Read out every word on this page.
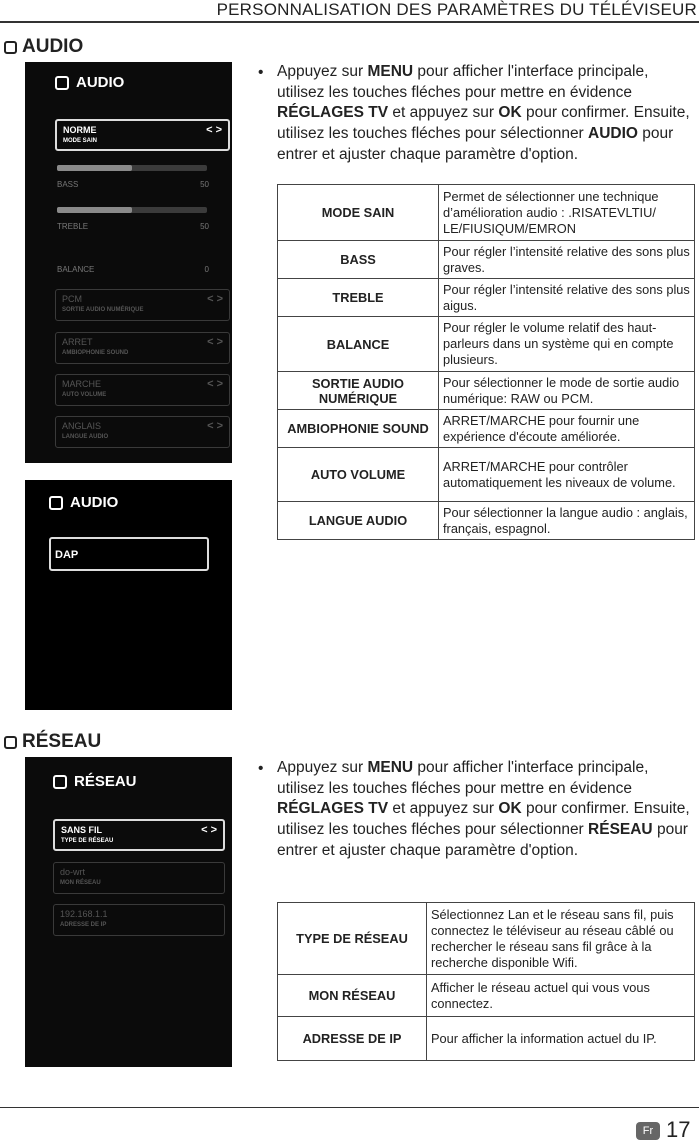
PERSONNALISATION DES PARAMÈTRES DU TÉLÉVISEUR
AUDIO
AUDIO
NORME
MODE SAIN
< >
BASS	50
TREBLE	50
BALANCE	0
PCM
SORTIE AUDIO NUMÉRIQUE
< >
ARRET
AMBIOPHONIE SOUND
< >
MARCHE
AUTO VOLUME
< >
ANGLAIS
LANGUE AUDIO
< >
AUDIO
DAP
• Appuyez sur MENU pour afficher l'interface principale, utilisez les touches fléches pour mettre en évidence RÉGLAGES TV et appuyez sur OK pour confirmer. Ensuite, utilisez les touches fléches pour sélectionner AUDIO pour entrer et ajuster chaque paramètre d'option.
MODE SAIN	Permet de sélectionner une technique d’amélioration audio : .RISATEVLTIU/ LE/FIUSIQUM/EMRON
BASS	Pour régler l’intensité relative des sons plus graves.
TREBLE	Pour régler l’intensité relative des sons plus aigus.
BALANCE	Pour régler le volume relatif des haut-parleurs dans un système qui en compte plusieurs.
SORTIE AUDIO NUMÉRIQUE	Pour sélectionner le mode de sortie audio numérique: RAW ou PCM.
AMBIOPHONIE SOUND	ARRET/MARCHE pour fournir une expérience d'écoute améliorée.
AUTO VOLUME	ARRET/MARCHE pour contrôler automatiquement les niveaux de volume.
LANGUE AUDIO	Pour sélectionner la langue audio : anglais, français, espagnol.
RÉSEAU
RÉSEAU
SANS FIL
TYPE DE RÉSEAU
< >
do-wrt
MON RÉSEAU
192.168.1.1
ADRESSE DE IP
• Appuyez sur MENU pour afficher l'interface principale, utilisez les touches fléches pour mettre en évidence RÉGLAGES TV et appuyez sur OK pour confirmer. Ensuite, utilisez les touches fléches pour sélectionner RÉSEAU pour entrer et ajuster chaque paramètre d'option.
TYPE DE RÉSEAU	Sélectionnez Lan et le réseau sans fil, puis connectez le téléviseur au réseau câblé ou rechercher le réseau sans fil grâce à la recherche disponible Wifi.
MON RÉSEAU	Afficher le réseau actuel qui vous vous connectez.
ADRESSE DE IP	Pour afficher la information actuel du IP.
Fr 17
